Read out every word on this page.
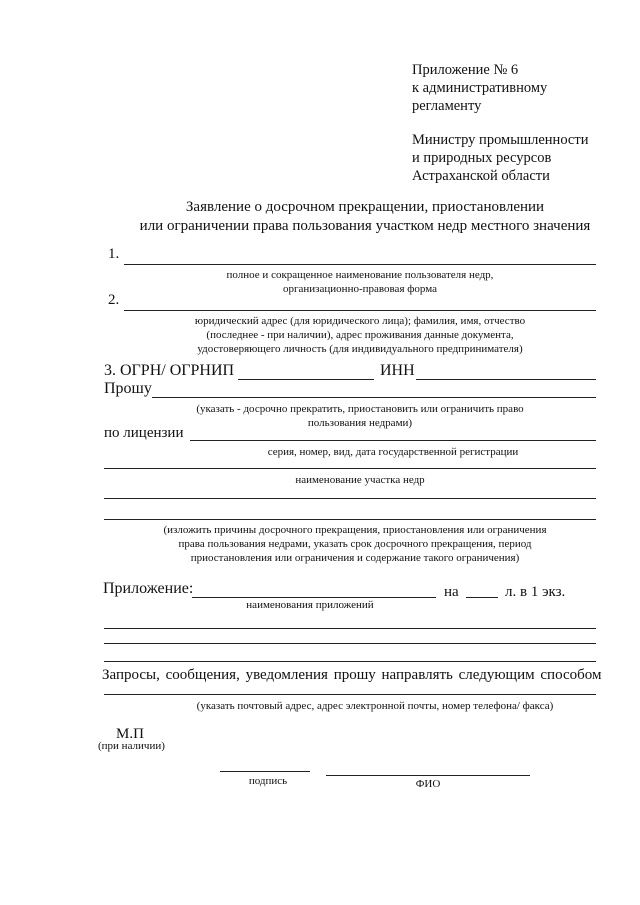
Приложение № 6
к административному
регламенту
Министру промышленности
и природных ресурсов
Астраханской области
Заявление о досрочном прекращении, приостановлении
или ограничении права пользования участком недр местного значения
1.
полное и сокращенное наименование пользователя недр,
организационно-правовая форма
2.
юридический адрес (для юридического лица); фамилия, имя, отчество
(последнее - при наличии), адрес проживания данные документа,
удостоверяющего личность (для индивидуального предпринимателя)
3. ОГРН/ ОГРНИП	ИНН
Прошу
(указать - досрочно прекратить, приостановить или ограничить право
пользования недрами)
по лицензии
серия, номер, вид, дата государственной регистрации
наименование участка недр
(изложить причины досрочного прекращения, приостановления или ограничения
права пользования недрами, указать срок досрочного прекращения, период
приостановления или ограничения и содержание такого ограничения)
Приложение:	на	л. в 1 экз.
наименования приложений
Запросы, сообщения, уведомления прошу направлять следующим способом
(указать почтовый адрес, адрес электронной почты, номер телефона/ факса)
М.П
(при наличии)
подпись	ФИО
